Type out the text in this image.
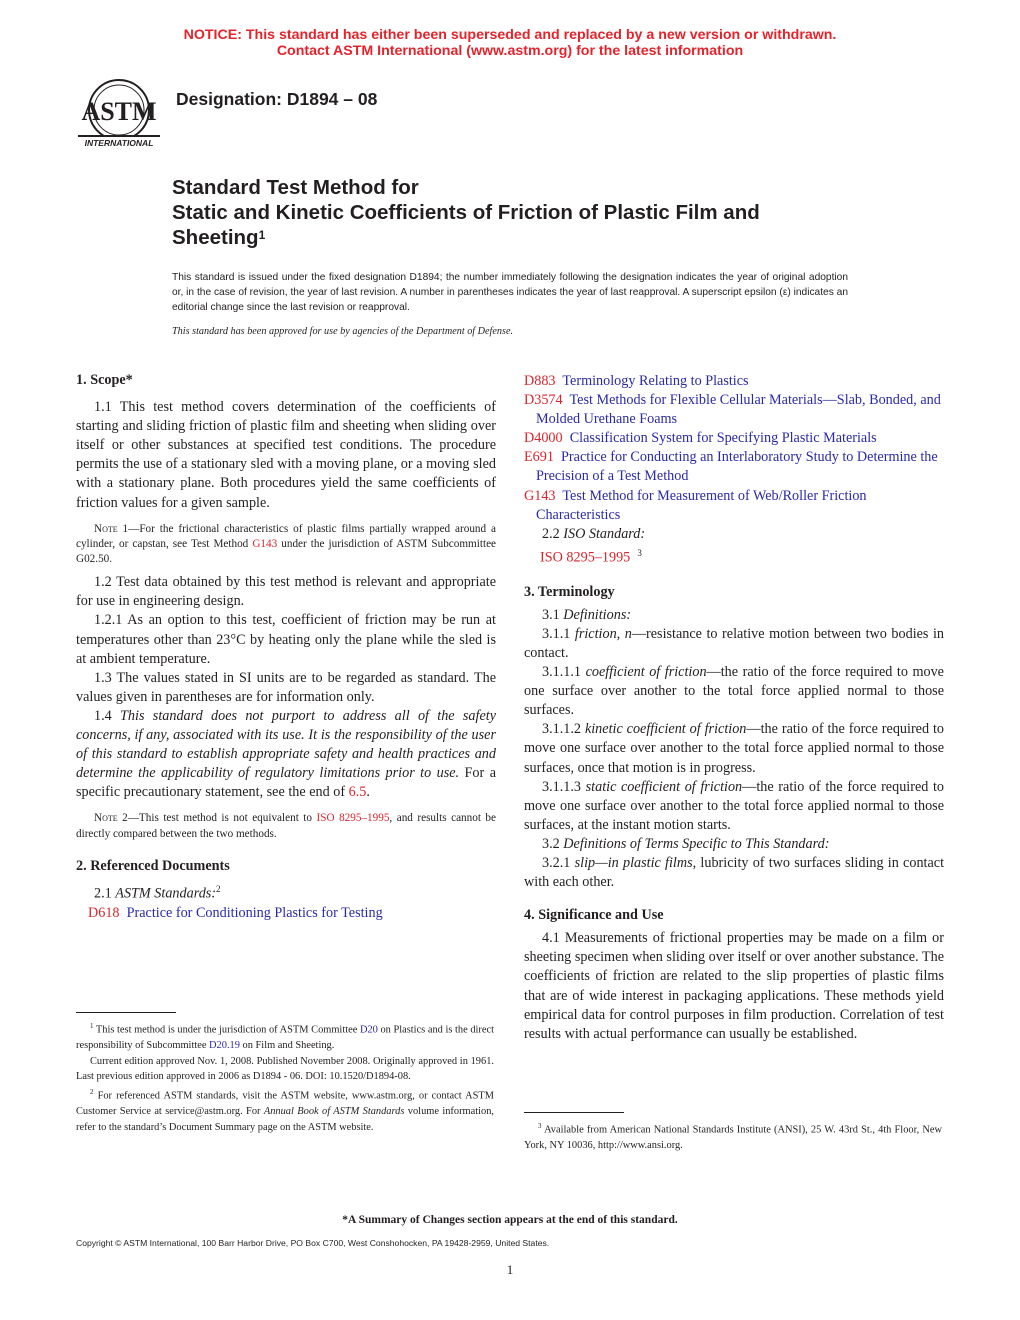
NOTICE: This standard has either been superseded and replaced by a new version or withdrawn.
Contact ASTM International (www.astm.org) for the latest information
ASTM
INTERNATIONAL
Designation: D1894 – 08
Standard Test Method for
Static and Kinetic Coefficients of Friction of Plastic Film and
Sheeting$^1$
This standard is issued under the fixed designation D1894; the number immediately following the designation indicates the year of original adoption or, in the case of revision, the year of last revision. A number in parentheses indicates the year of last reapproval. A superscript epsilon (ε) indicates an editorial change since the last revision or reapproval.
This standard has been approved for use by agencies of the Department of Defense.

1. Scope*

1.1 This test method covers determination of the coefficients of starting and sliding friction of plastic film and sheeting when sliding over itself or other substances at specified test conditions. The procedure permits the use of a stationary sled with a moving plane, or a moving sled with a stationary plane. Both procedures yield the same coefficients of friction values for a given sample.

Note 1—For the frictional characteristics of plastic films partially wrapped around a cylinder, or capstan, see Test Method G143 under the jurisdiction of ASTM Subcommittee G02.50.

1.2 Test data obtained by this test method is relevant and appropriate for use in engineering design.

1.2.1 As an option to this test, coefficient of friction may be run at temperatures other than 23°C by heating only the plane while the sled is at ambient temperature.

1.3 The values stated in SI units are to be regarded as standard. The values given in parentheses are for information only.

1.4 This standard does not purport to address all of the safety concerns, if any, associated with its use. It is the responsibility of the user of this standard to establish appropriate safety and health practices and determine the applicability of regulatory limitations prior to use. For a specific precautionary statement, see the end of 6.5.

Note 2—This test method is not equivalent to ISO 8295–1995, and results cannot be directly compared between the two methods.

2. Referenced Documents

2.1 ASTM Standards:$^2$

D618 Practice for Conditioning Plastics for Testing

$^1$ This test method is under the jurisdiction of ASTM Committee D20 on Plastics and is the direct responsibility of Subcommittee D20.19 on Film and Sheeting.

Current edition approved Nov. 1, 2008. Published November 2008. Originally approved in 1961. Last previous edition approved in 2006 as D1894 - 06. DOI: 10.1520/D1894-08.

$^2$ For referenced ASTM standards, visit the ASTM website, www.astm.org, or contact ASTM Customer Service at service@astm.org. For Annual Book of ASTM Standards volume information, refer to the standard’s Document Summary page on the ASTM website.

D883 Terminology Relating to Plastics

D3574 Test Methods for Flexible Cellular Materials—Slab, Bonded, and Molded Urethane Foams

D4000 Classification System for Specifying Plastic Materials

E691 Practice for Conducting an Interlaboratory Study to Determine the Precision of a Test Method

G143 Test Method for Measurement of Web/Roller Friction Characteristics

2.2 ISO Standard:

ISO 8295–1995 $^3$

3. Terminology

3.1 Definitions:

3.1.1 friction, n—resistance to relative motion between two bodies in contact.

3.1.1.1 coefficient of friction—the ratio of the force required to move one surface over another to the total force applied normal to those surfaces.

3.1.1.2 kinetic coefficient of friction—the ratio of the force required to move one surface over another to the total force applied normal to those surfaces, once that motion is in progress.

3.1.1.3 static coefficient of friction—the ratio of the force required to move one surface over another to the total force applied normal to those surfaces, at the instant motion starts.

3.2 Definitions of Terms Specific to This Standard:

3.2.1 slip—in plastic films, lubricity of two surfaces sliding in contact with each other.

4. Significance and Use

4.1 Measurements of frictional properties may be made on a film or sheeting specimen when sliding over itself or over another substance. The coefficients of friction are related to the slip properties of plastic films that are of wide interest in packaging applications. These methods yield empirical data for control purposes in film production. Correlation of test results with actual performance can usually be established.

$^3$ Available from American National Standards Institute (ANSI), 25 W. 43rd St., 4th Floor, New York, NY 10036, http://www.ansi.org.

*A Summary of Changes section appears at the end of this standard.
Copyright © ASTM International, 100 Barr Harbor Drive, PO Box C700, West Conshohocken, PA 19428-2959, United States.
1
